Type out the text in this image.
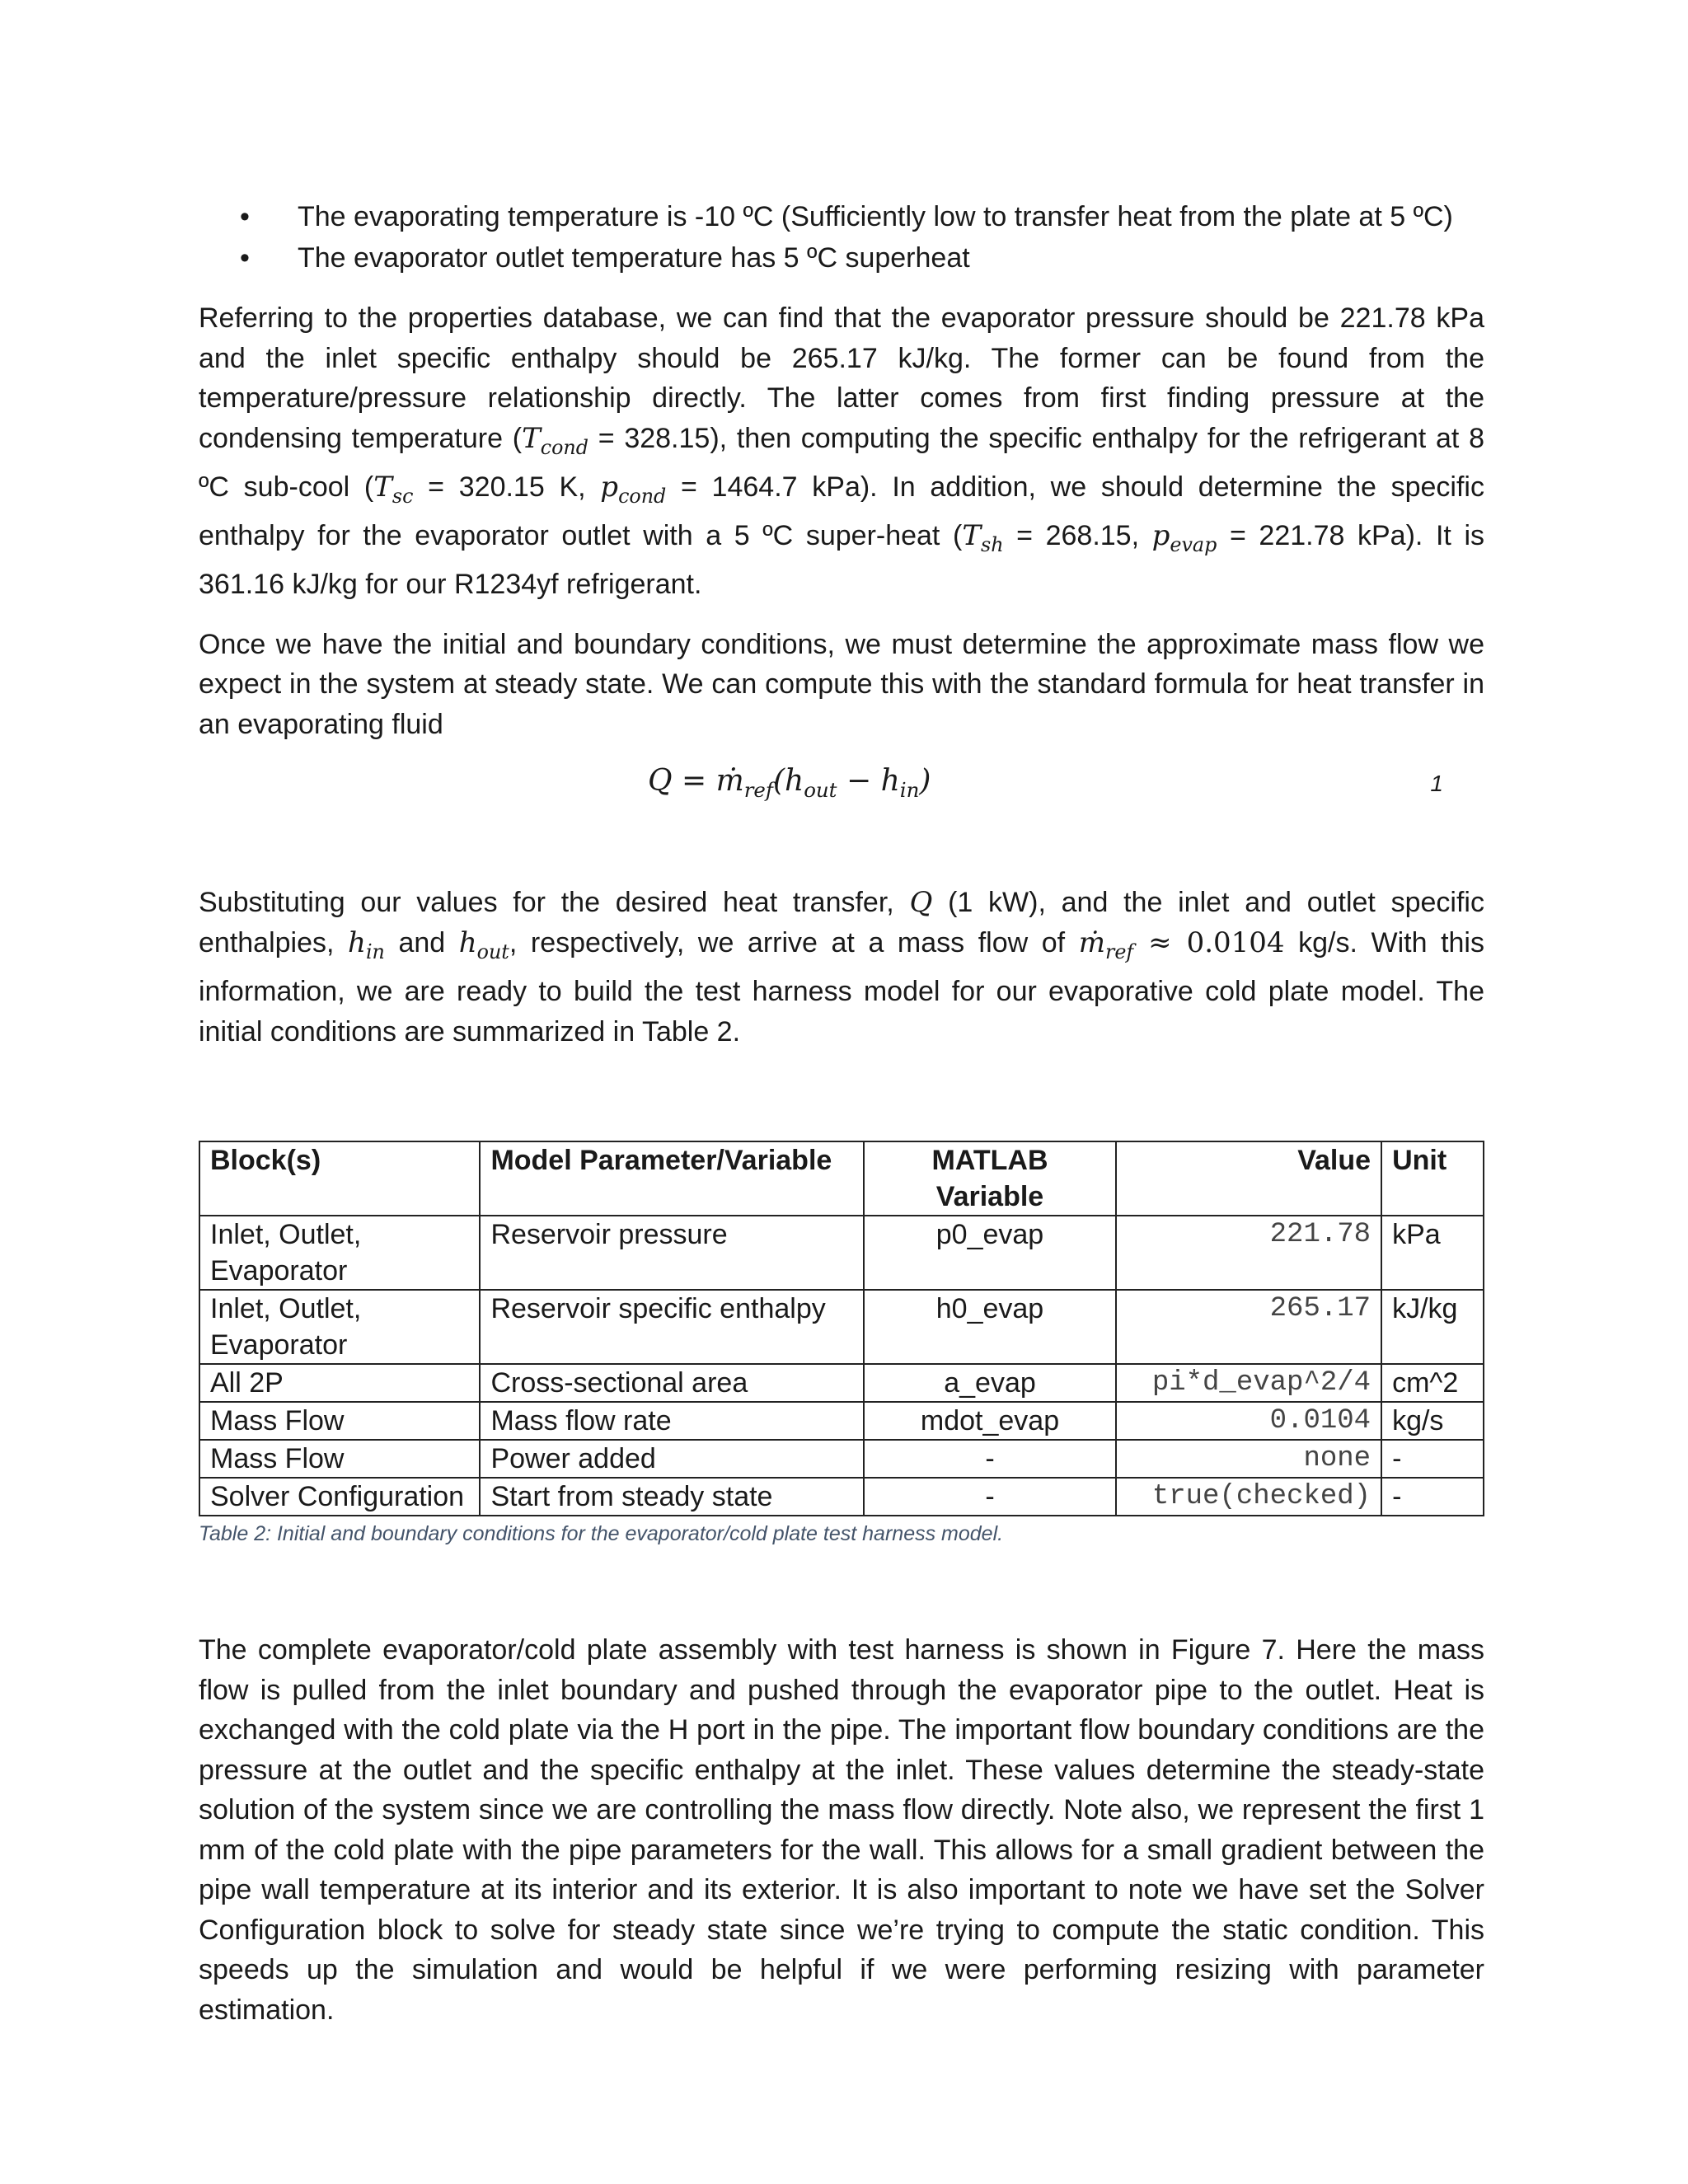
• The evaporating temperature is -10 ºC (Sufficiently low to transfer heat from the plate at 5 ºC)
• The evaporator outlet temperature has 5 ºC superheat

Referring to the properties database, we can find that the evaporator pressure should be 221.78 kPa and the inlet specific enthalpy should be 265.17 kJ/kg. The former can be found from the temperature/pressure relationship directly. The latter comes from first finding pressure at the condensing temperature $(T_{cond} = 328.15)$, then computing the specific enthalpy for the refrigerant at 8 ºC sub-cool ($T_{sc} = 320.15$ K, $p_{cond} = 1464.7$ kPa). In addition, we should determine the specific enthalpy for the evaporator outlet with a 5 ºC super-heat ($T_{sh} = 268.15$, $p_{evap} = 221.78$ kPa). It is 361.16 kJ/kg for our R1234yf refrigerant.

Once we have the initial and boundary conditions, we must determine the approximate mass flow we expect in the system at steady state. We can compute this with the standard formula for heat transfer in an evaporating fluid

$Q = ṁ_{ref}(h_{out} - h_{in})$	1

Substituting our values for the desired heat transfer, Q (1 kW), and the inlet and outlet specific enthalpies, $h_{in}$ and $h_{out}$, respectively, we arrive at a mass flow of ṁ$_{ref}$ ≈ 0.0104 kg/s. With this information, we are ready to build the test harness model for our evaporative cold plate model. The initial conditions are summarized in Table 2.

Block(s)	Model Parameter/Variable	MATLAB Variable	Value	Unit
Inlet, Outlet, Evaporator	Reservoir pressure	p0_evap	221.78	kPa
Inlet, Outlet, Evaporator	Reservoir specific enthalpy	h0_evap	265.17	kJ/kg
All 2P	Cross-sectional area	a_evap	pi*d_evap^2/4	cm^2
Mass Flow	Mass flow rate	mdot_evap	0.0104	kg/s
Mass Flow	Power added	-	none	-
Solver Configuration	Start from steady state	-	true(checked)	-
Table 2: Initial and boundary conditions for the evaporator/cold plate test harness model.

The complete evaporator/cold plate assembly with test harness is shown in Figure 7. Here the mass flow is pulled from the inlet boundary and pushed through the evaporator pipe to the outlet. Heat is exchanged with the cold plate via the H port in the pipe. The important flow boundary conditions are the pressure at the outlet and the specific enthalpy at the inlet. These values determine the steady-state solution of the system since we are controlling the mass flow directly. Note also, we represent the first 1 mm of the cold plate with the pipe parameters for the wall. This allows for a small gradient between the pipe wall temperature at its interior and its exterior. It is also important to note we have set the Solver Configuration block to solve for steady state since we’re trying to compute the static condition. This speeds up the simulation and would be helpful if we were performing resizing with parameter estimation.
